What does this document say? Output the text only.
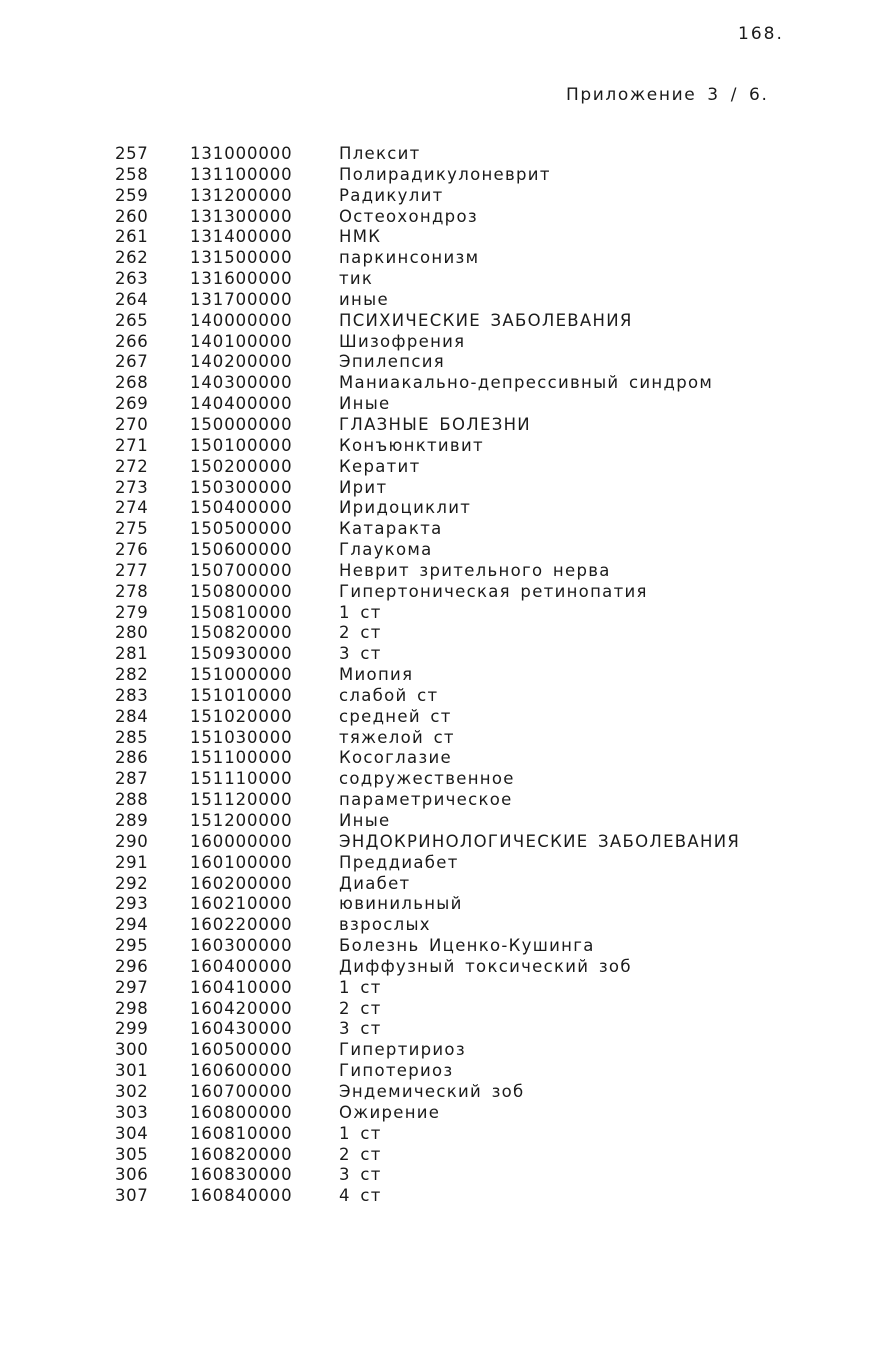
168.
Приложение 3 / 6.
257	131000000	Плексит
258	131100000	Полирадикулоневрит
259	131200000	Радикулит
260	131300000	Остеохондроз
261	131400000	НМК
262	131500000	паркинсонизм
263	131600000	тик
264	131700000	иные
265	140000000	ПСИХИЧЕСКИЕ ЗАБОЛЕВАНИЯ
266	140100000	Шизофрения
267	140200000	Эпилепсия
268	140300000	Маниакально-депрессивный синдром
269	140400000	Иные
270	150000000	ГЛАЗНЫЕ БОЛЕЗНИ
271	150100000	Конъюнктивит
272	150200000	Кератит
273	150300000	Ирит
274	150400000	Иридоциклит
275	150500000	Катаракта
276	150600000	Глаукома
277	150700000	Неврит зрительного нерва
278	150800000	Гипертоническая ретинопатия
279	150810000	1 ст
280	150820000	2 ст
281	150930000	3 ст
282	151000000	Миопия
283	151010000	слабой ст
284	151020000	средней ст
285	151030000	тяжелой ст
286	151100000	Косоглазие
287	151110000	содружественное
288	151120000	параметрическое
289	151200000	Иные
290	160000000	ЭНДОКРИНОЛОГИЧЕСКИЕ ЗАБОЛЕВАНИЯ
291	160100000	Преддиабет
292	160200000	Диабет
293	160210000	ювинильный
294	160220000	взрослых
295	160300000	Болезнь Иценко-Кушинга
296	160400000	Диффузный токсический зоб
297	160410000	1 ст
298	160420000	2 ст
299	160430000	3 ст
300	160500000	Гипертириоз
301	160600000	Гипотериоз
302	160700000	Эндемический зоб
303	160800000	Ожирение
304	160810000	1 ст
305	160820000	2 ст
306	160830000	3 ст
307	160840000	4 ст
